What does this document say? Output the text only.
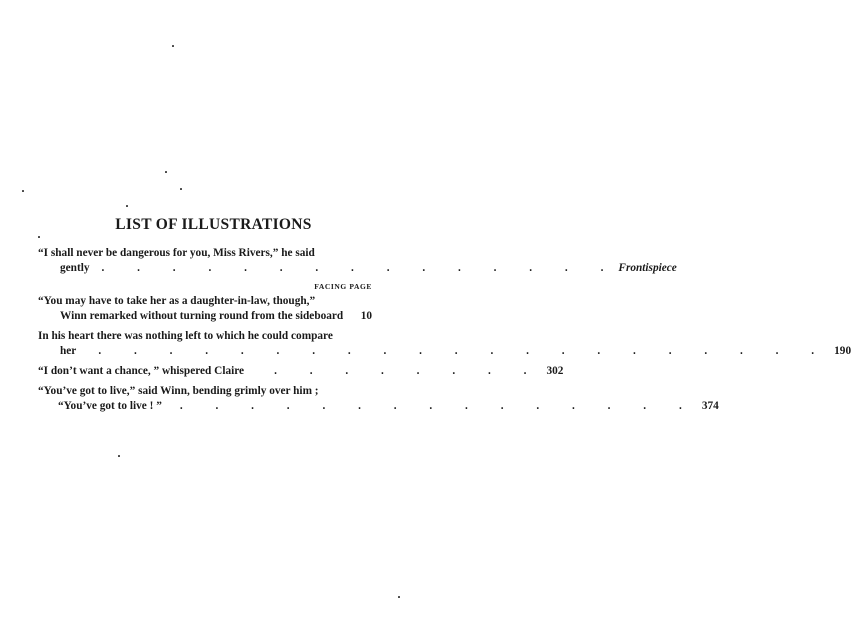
LIST OF ILLUSTRATIONS
“I shall never be dangerous for you, Miss Rivers,” he said
gently	. . . . . . . . . . . . . . . Frontispiece
FACING PAGE
“You may have to take her as a daughter-in-law, though,”
Winn remarked without turning round from the sideboard	10
In his heart there was nothing left to which he could compare
her	. . . . . . . . . . . . . . . . . . . . . 190
“I don’t want a chance, ” whispered Claire	. . . . . . . . 302
“You’ve got to live,” said Winn, bending grimly over him ;
“You’ve got to live ! ”	. . . . . . . . . . . . . . . 374
